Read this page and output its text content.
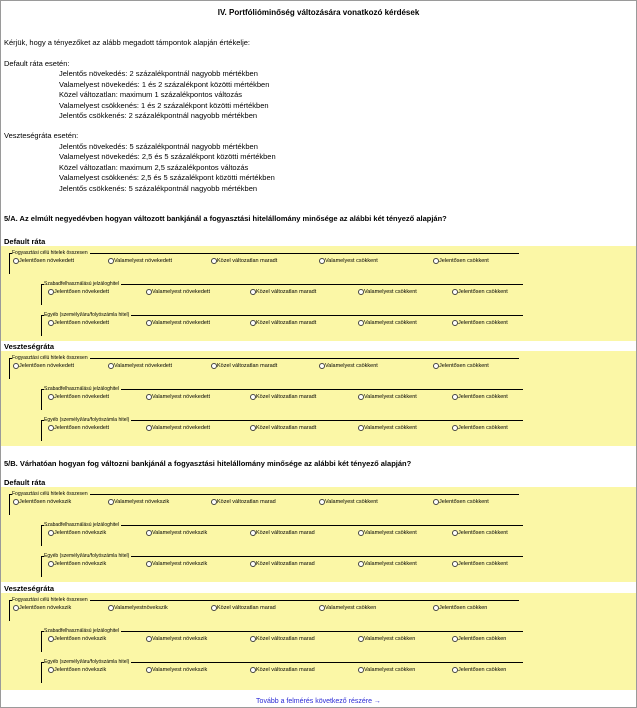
IV. Portfólióminőség változására vonatkozó kérdések
Kérjük, hogy a tényezőket az alább megadott támpontok alapján értékelje:
Default ráta esetén:
Jelentős növekedés: 2 százalékpontnál nagyobb mértékben
Valamelyest növekedés: 1 és 2 százalékpont közötti mértékben
Közel változatlan: maximum 1 százalékpontos változás
Valamelyest csökkenés: 1 és 2 százalékpont közötti mértékben
Jelentős csökkenés: 2 százalékpontnál nagyobb mértékben
Veszteségráta esetén:
Jelentős növekedés: 5 százalékpontnál nagyobb mértékben
Valamelyest növekedés: 2,5 és 5 százalékpont közötti mértékben
Közel változatlan: maximum 2,5 százalékpontos változás
Valamelyest csökkenés: 2,5 és 5 százalékpont közötti mértékben
Jelentős csökkenés: 5 százalékpontnál nagyobb mértékben
5/A. Az elmúlt negyedévben hogyan változott bankjánál a fogyasztási hitelállomány minősége az alábbi két tényező alapján?
Default ráta
Fogyasztási célú hitelek összesen
Jelentősen növekedett	Valamelyest növekedett	Közel változatlan maradt	Valamelyest csökkent	Jelentősen csökkent
Szabadfelhasználású jelzáloghitel
Jelentősen növekedett	Valamelyest növekedett	Közel változatlan maradt	Valamelyest csökkent	Jelentősen csökkent
Egyéb (személyi/áru/folyószámla hitel)
Jelentősen növekedett	Valamelyest növekedett	Közel változatlan maradt	Valamelyest csökkent	Jelentősen csökkent
Veszteségráta
Fogyasztási célú hitelek összesen
Jelentősen növekedett	Valamelyest növekedett	Közel változatlan maradt	Valamelyest csökkent	Jelentősen csökkent
Szabadfelhasználású jelzáloghitel
Jelentősen növekedett	Valamelyest növekedett	Közel változatlan maradt	Valamelyest csökkent	Jelentősen csökkent
Egyéb (személyi/áru/folyószámla hitel)
Jelentősen növekedett	Valamelyest növekedett	Közel változatlan maradt	Valamelyest csökkent	Jelentősen csökkent
5/B. Várhatóan hogyan fog változni bankjánál a fogyasztási hitelállomány minősége az alábbi két tényező alapján?
Default ráta
Fogyasztási célú hitelek összesen
Jelentősen növekszik	Valamelyest növekszik	Közel változatlan marad	Valamelyest csökkent	Jelentősen csökkent
Szabadfelhasználású jelzáloghitel
Jelentősen növekszik	Valamelyest növekszik	Közel változatlan marad	Valamelyest csökkent	Jelentősen csökkent
Egyéb (személyi/áru/folyószámla hitel)
Jelentősen növekszik	Valamelyest növekszik	Közel változatlan marad	Valamelyest csökkent	Jelentősen csökkent
Veszteségráta
Fogyasztási célú hitelek összesen
Jelentősen növekszik	Valamelyestnövekszik	Közel változatlan marad	Valamelyest csökken	Jelentősen csökken
Szabadfelhasználású jelzáloghitel
Jelentősen növekszik	Valamelyest növekszik	Közel változatlan marad	Valamelyest csökken	Jelentősen csökken
Egyéb (személyi/áru/folyószámla hitel)
Jelentősen növekszik	Valamelyest növekszik	Közel változatlan marad	Valamelyest csökken	Jelentősen csökken
Tovább a felmérés következő részére →
